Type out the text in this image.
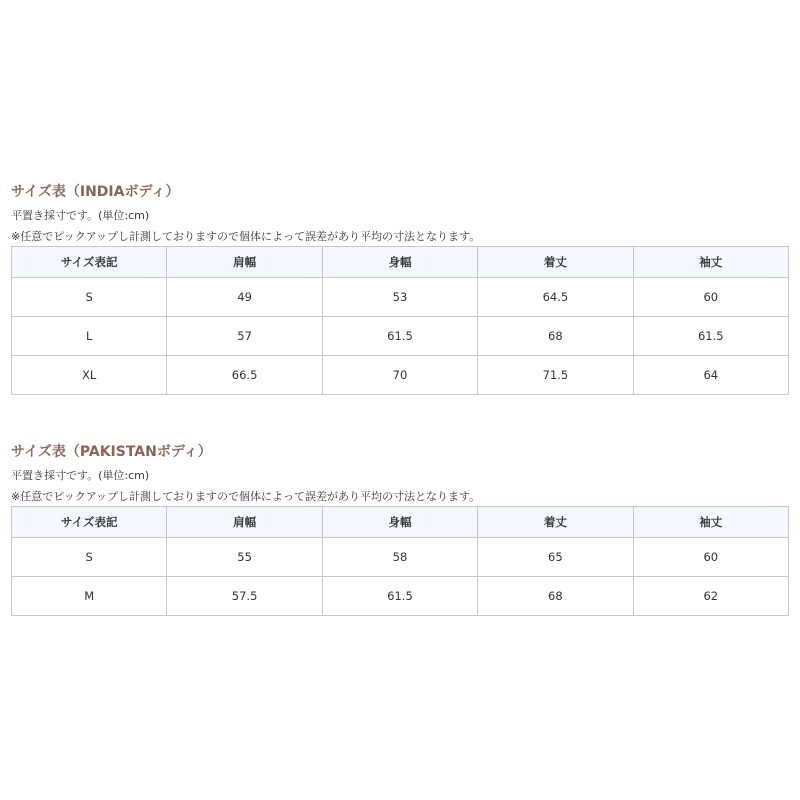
サイズ表（INDIAボディ）
平置き採寸です。(単位:cm)
※任意でピックアップし計測しておりますので個体によって誤差があり平均の寸法となります。
サイズ表記	肩幅	身幅	着丈	袖丈
S	49	53	64.5	60
L	57	61.5	68	61.5
XL	66.5	70	71.5	64
サイズ表（PAKISTANボディ）
平置き採寸です。(単位:cm)
※任意でピックアップし計測しておりますので個体によって誤差があり平均の寸法となります。
サイズ表記	肩幅	身幅	着丈	袖丈
S	55	58	65	60
M	57.5	61.5	68	62
